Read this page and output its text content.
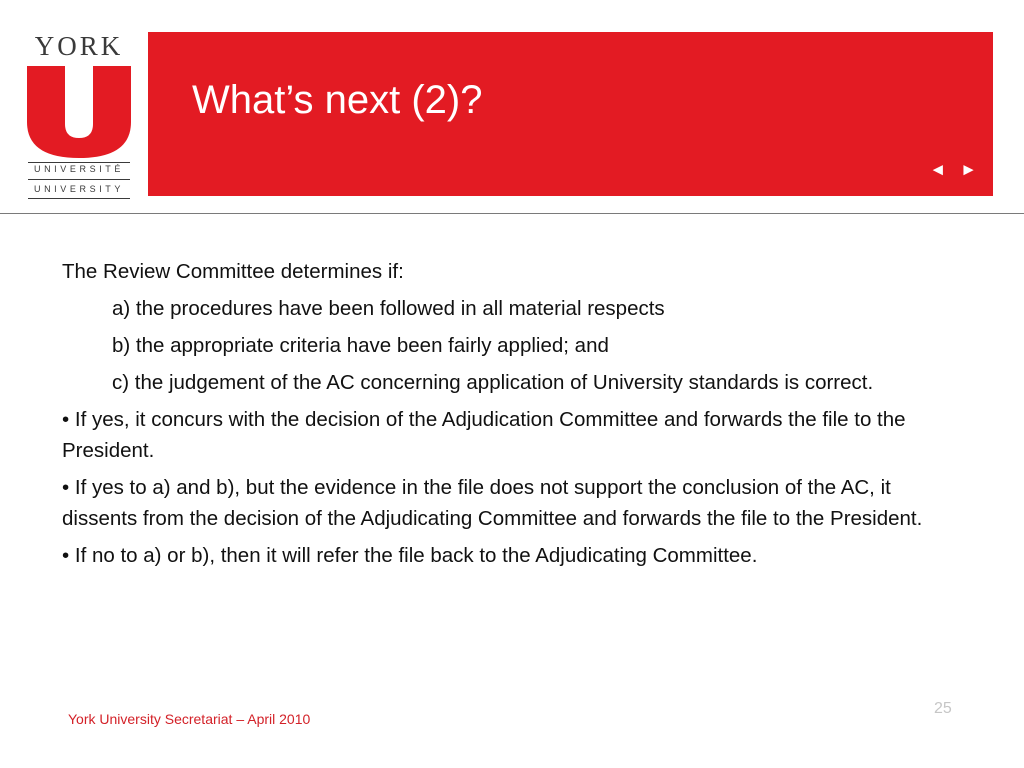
YORK
UNIVERSITÉ
UNIVERSITY
What’s next (2)?
◄ ►

The Review Committee determines if:

a) the procedures have been followed in all material respects

b) the appropriate criteria have been fairly applied; and

c) the judgement of the AC concerning application of University standards is correct.

• If yes, it concurs with the decision of the Adjudication Committee and forwards the file to the President.

• If yes to a) and b), but the evidence in the file does not support the conclusion of the AC, it dissents from the decision of the Adjudicating Committee and forwards the file to the President.

• If no to a) or b), then it will refer the file back to the Adjudicating Committee.

York University Secretariat – April 2010
25
